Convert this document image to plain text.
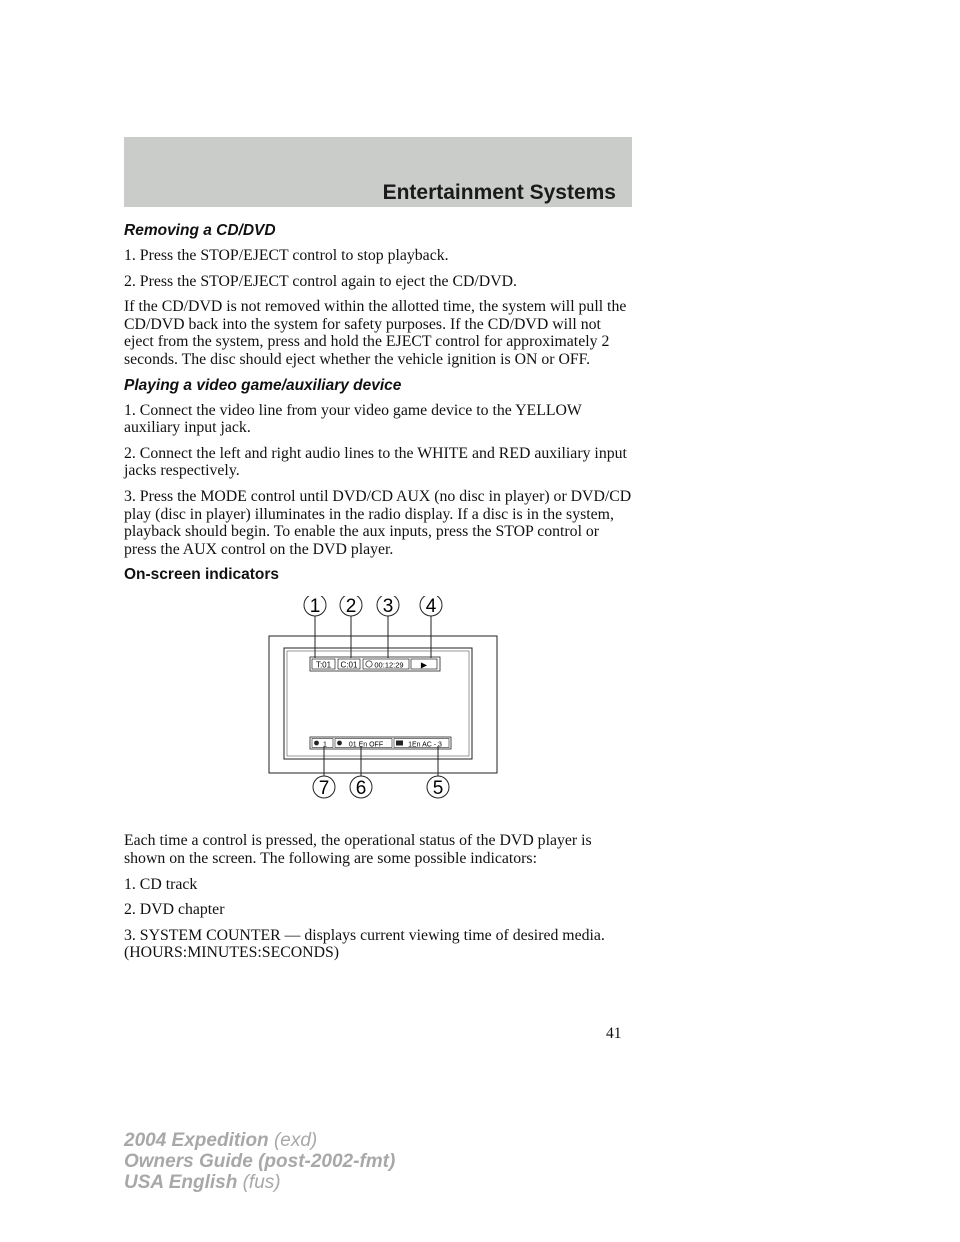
Entertainment Systems
Removing a CD/DVD

1. Press the STOP/EJECT control to stop playback.

2. Press the STOP/EJECT control again to eject the CD/DVD.

If the CD/DVD is not removed within the allotted time, the system will pull the CD/DVD back into the system for safety purposes. If the CD/DVD will not eject from the system, press and hold the EJECT control for approximately 2 seconds. The disc should eject whether the vehicle ignition is ON or OFF.

Playing a video game/auxiliary device

1. Connect the video line from your video game device to the YELLOW auxiliary input jack.

2. Connect the left and right audio lines to the WHITE and RED auxiliary input jacks respectively.

3. Press the MODE control until DVD/CD AUX (no disc in player) or DVD/CD play (disc in player) illuminates in the radio display. If a disc is in the system, playback should begin. To enable the aux inputs, press the STOP control or press the AUX control on the DVD player.

On-screen indicators
T:01 C:01 00:12:29 ▶
1	01 En OFF	1En AC - 3
1 2 3 4
7 6	5

Each time a control is pressed, the operational status of the DVD player is shown on the screen. The following are some possible indicators:

1. CD track

2. DVD chapter

3. SYSTEM COUNTER — displays current viewing time of desired media. (HOURS:MINUTES:SECONDS)

41
2004 Expedition (exd)
Owners Guide (post-2002-fmt)
USA English (fus)
